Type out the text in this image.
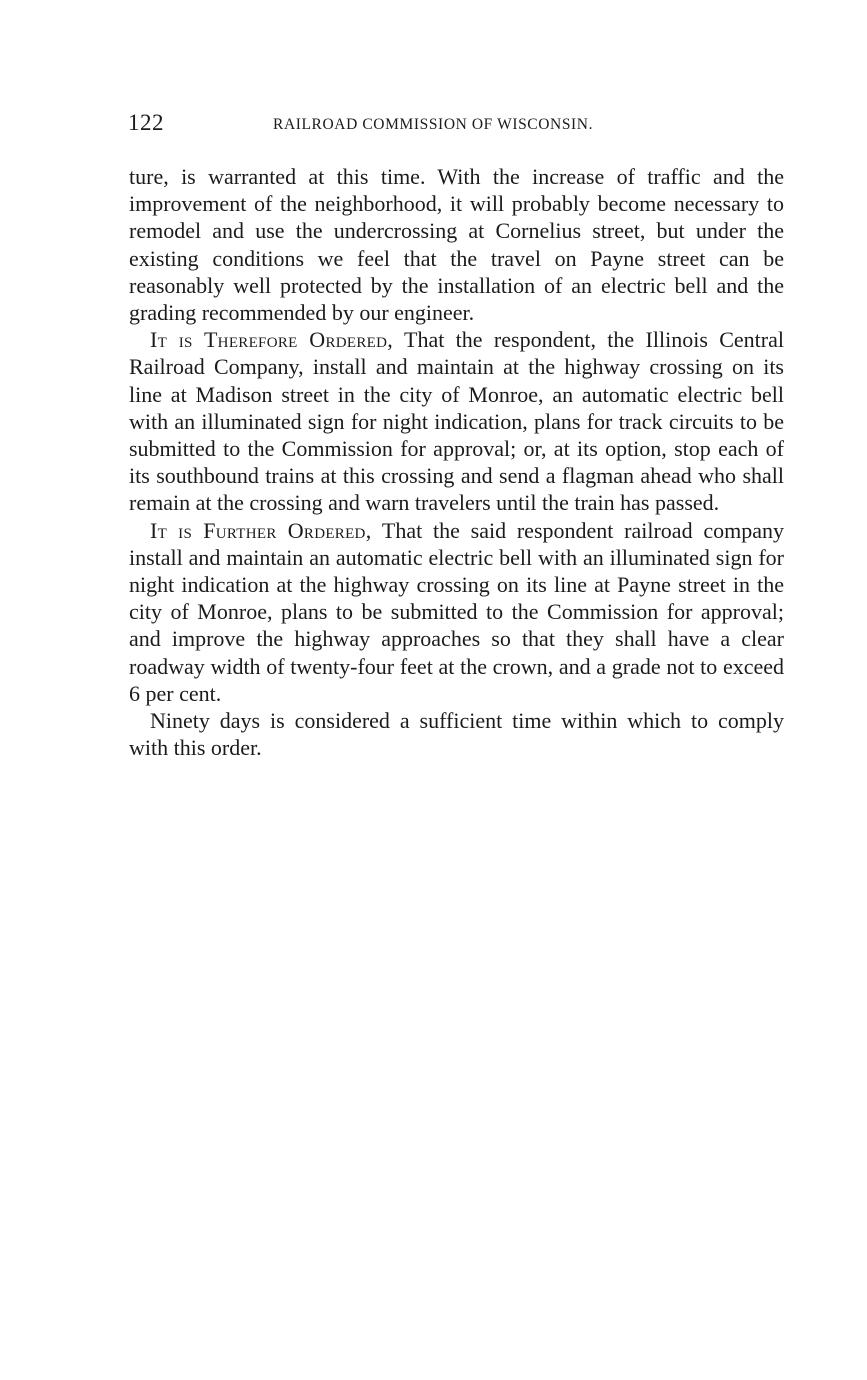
122	RAILROAD COMMISSION OF WISCONSIN.

ture, is warranted at this time. With the increase of traffic and the improvement of the neighborhood, it will probably become necessary to remodel and use the undercrossing at Cornelius street, but under the existing conditions we feel that the travel on Payne street can be reasonably well protected by the installation of an electric bell and the grading recommended by our engineer.

It is Therefore Ordered, That the respondent, the Illinois Central Railroad Company, install and maintain at the highway crossing on its line at Madison street in the city of Monroe, an automatic electric bell with an illuminated sign for night indication, plans for track circuits to be submitted to the Commission for approval; or, at its option, stop each of its southbound trains at this crossing and send a flagman ahead who shall remain at the crossing and warn travelers until the train has passed.

It is Further Ordered, That the said respondent railroad company install and maintain an automatic electric bell with an illuminated sign for night indication at the highway crossing on its line at Payne street in the city of Monroe, plans to be submitted to the Commission for approval; and improve the highway approaches so that they shall have a clear roadway width of twenty-four feet at the crown, and a grade not to exceed 6 per cent.

Ninety days is considered a sufficient time within which to comply with this order.
